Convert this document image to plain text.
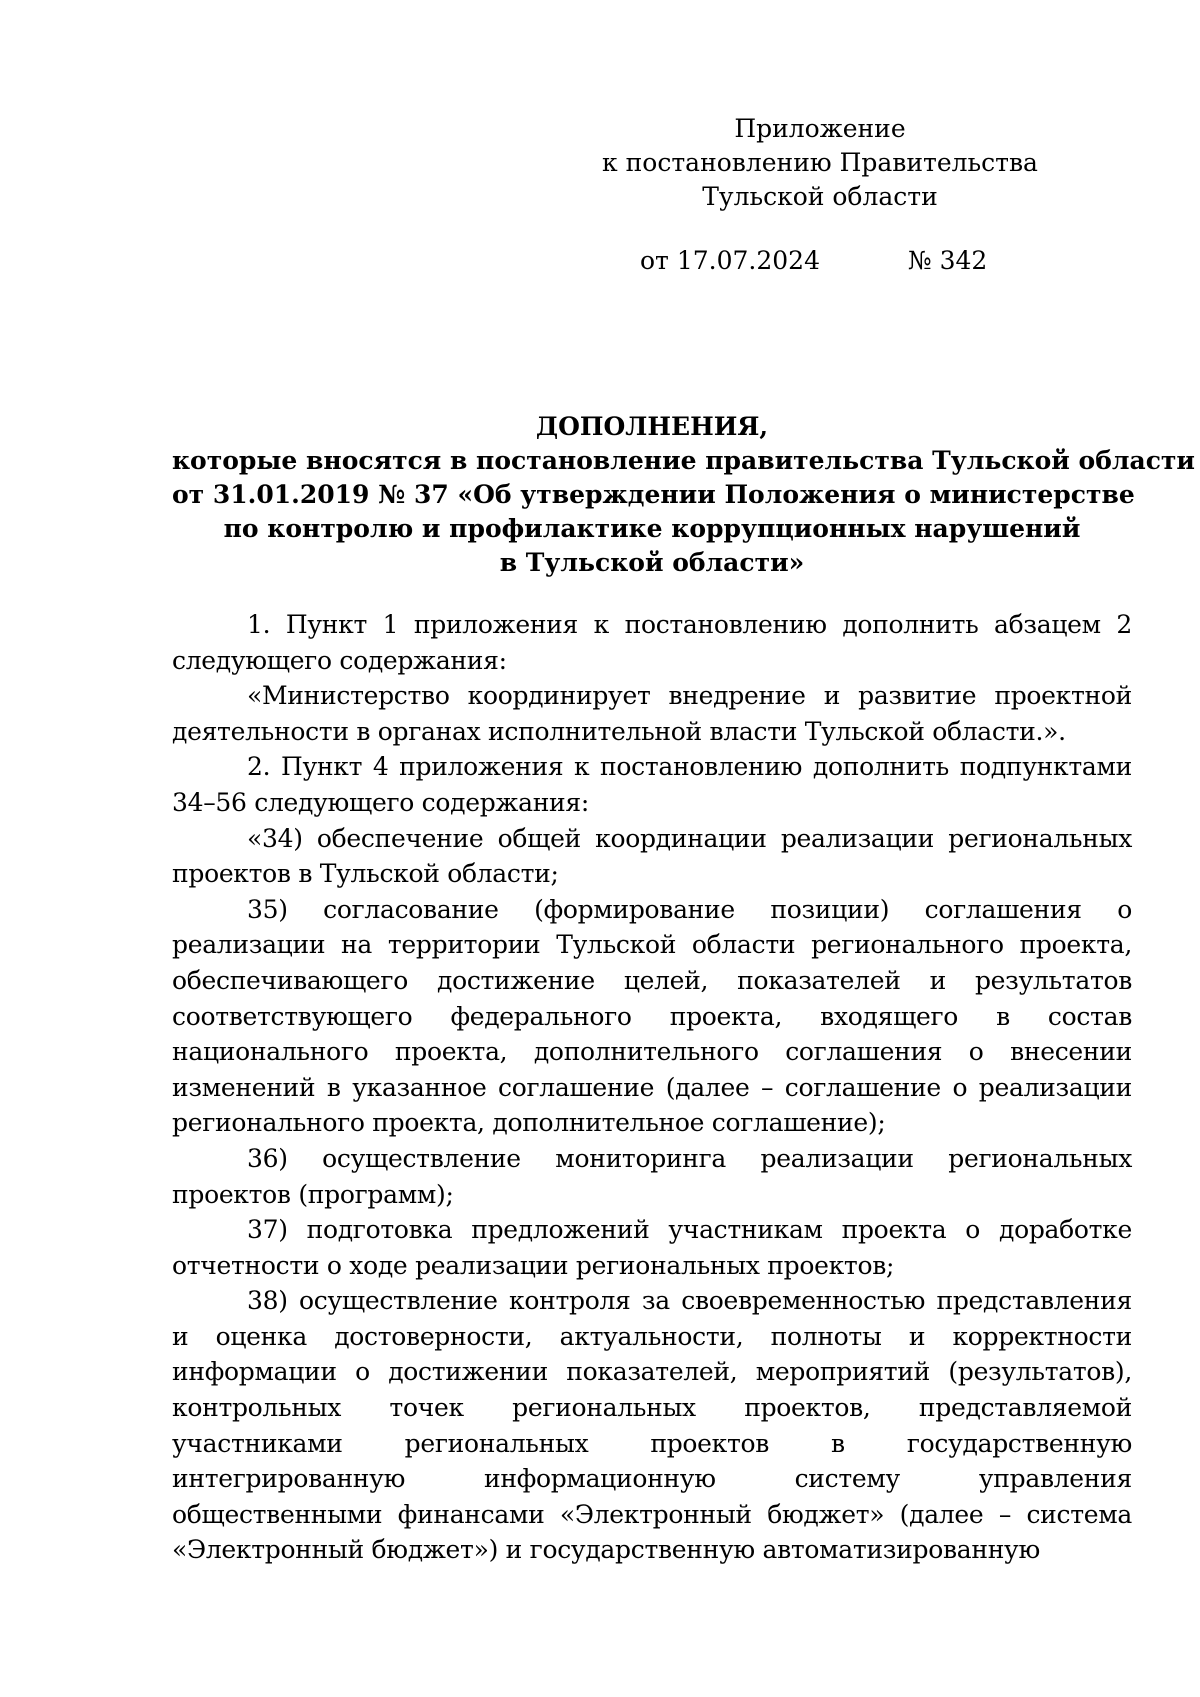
Приложение
к постановлению Правительства
Тульской области
от 17.07.2024	№ 342
ДОПОЛНЕНИЯ,
которые вносятся в постановление правительства Тульской области
от 31.01.2019 № 37 «Об утверждении Положения о министерстве
по контролю и профилактике коррупционных нарушений
в Тульской области»

1. Пункт 1 приложения к постановлению дополнить абзацем 2 следующего содержания:

«Министерство координирует внедрение и развитие проектной деятельности в органах исполнительной власти Тульской области.».

2. Пункт 4 приложения к постановлению дополнить подпунктами 34–56 следующего содержания:

«34) обеспечение общей координации реализации региональных проектов в Тульской области;

35) согласование (формирование позиции) соглашения о реализации на территории Тульской области регионального проекта, обеспечивающего достижение целей, показателей и результатов соответствующего федерального проекта, входящего в состав национального проекта, дополнительного соглашения о внесении изменений в указанное соглашение (далее – соглашение о реализации регионального проекта, дополнительное соглашение);

36) осуществление мониторинга реализации региональных проектов (программ);

37) подготовка предложений участникам проекта о доработке отчетности о ходе реализации региональных проектов;

38) осуществление контроля за своевременностью представления и оценка достоверности, актуальности, полноты и корректности информации о достижении показателей, мероприятий (результатов), контрольных точек региональных проектов, представляемой участниками региональных проектов в государственную интегрированную информационную систему управления общественными финансами «Электронный бюджет» (далее – система «Электронный бюджет») и государственную автоматизированную
